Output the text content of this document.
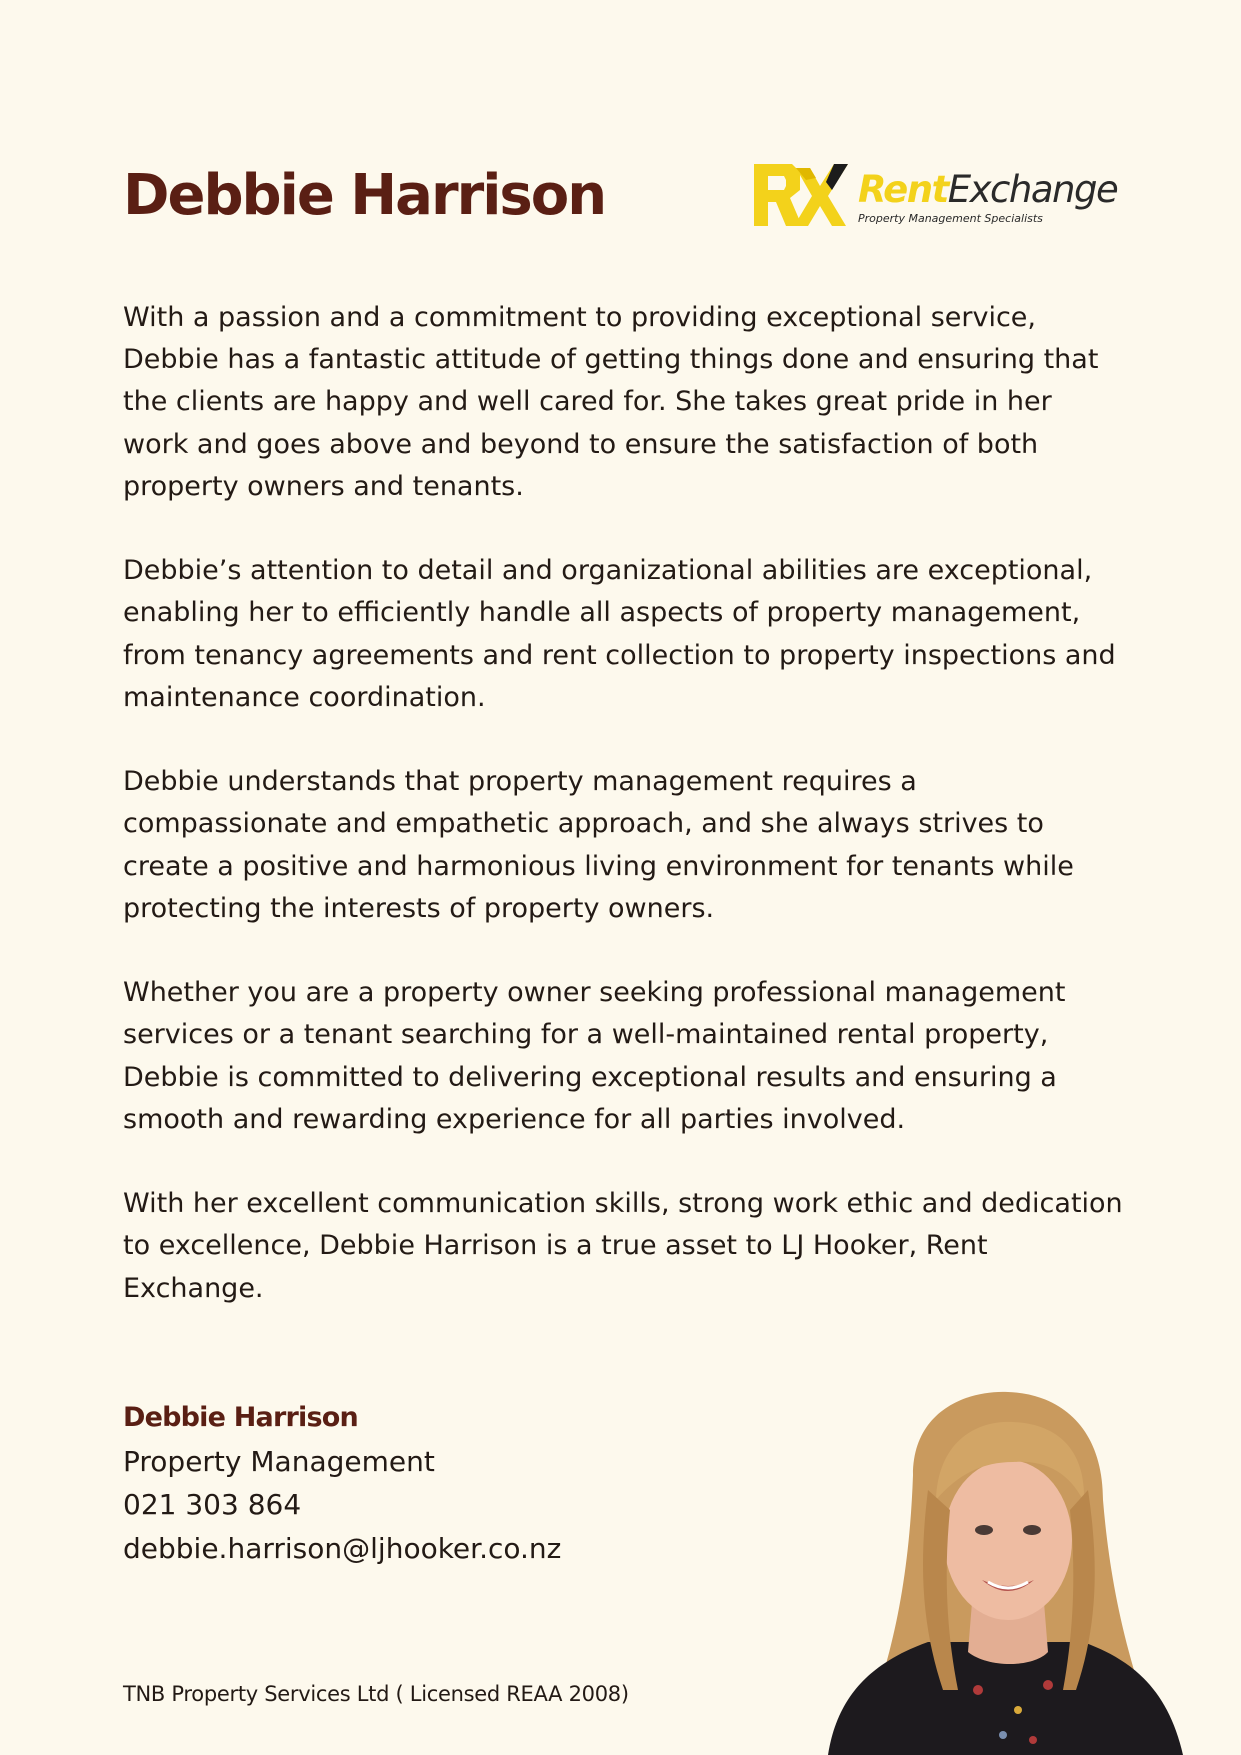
Debbie Harrison	RentExchange
Property Management Specialists

With a passion and a commitment to providing exceptional service, Debbie has a fantastic attitude of getting things done and ensuring that the clients are happy and well cared for. She takes great pride in her work and goes above and beyond to ensure the satisfaction of both property owners and tenants.

Debbie’s attention to detail and organizational abilities are exceptional, enabling her to efficiently handle all aspects of property management, from tenancy agreements and rent collection to property inspections and maintenance coordination.

Debbie understands that property management requires a compassionate and empathetic approach, and she always strives to create a positive and harmonious living environment for tenants while protecting the interests of property owners.

Whether you are a property owner seeking professional management services or a tenant searching for a well-maintained rental property, Debbie is committed to delivering exceptional results and ensuring a smooth and rewarding experience for all parties involved.

With her excellent communication skills, strong work ethic and dedication to excellence, Debbie Harrison is a true asset to LJ Hooker, Rent Exchange.

Debbie Harrison
Property Management
021 303 864
debbie.harrison@ljhooker.co.nz
TNB Property Services Ltd ( Licensed REAA 2008)
